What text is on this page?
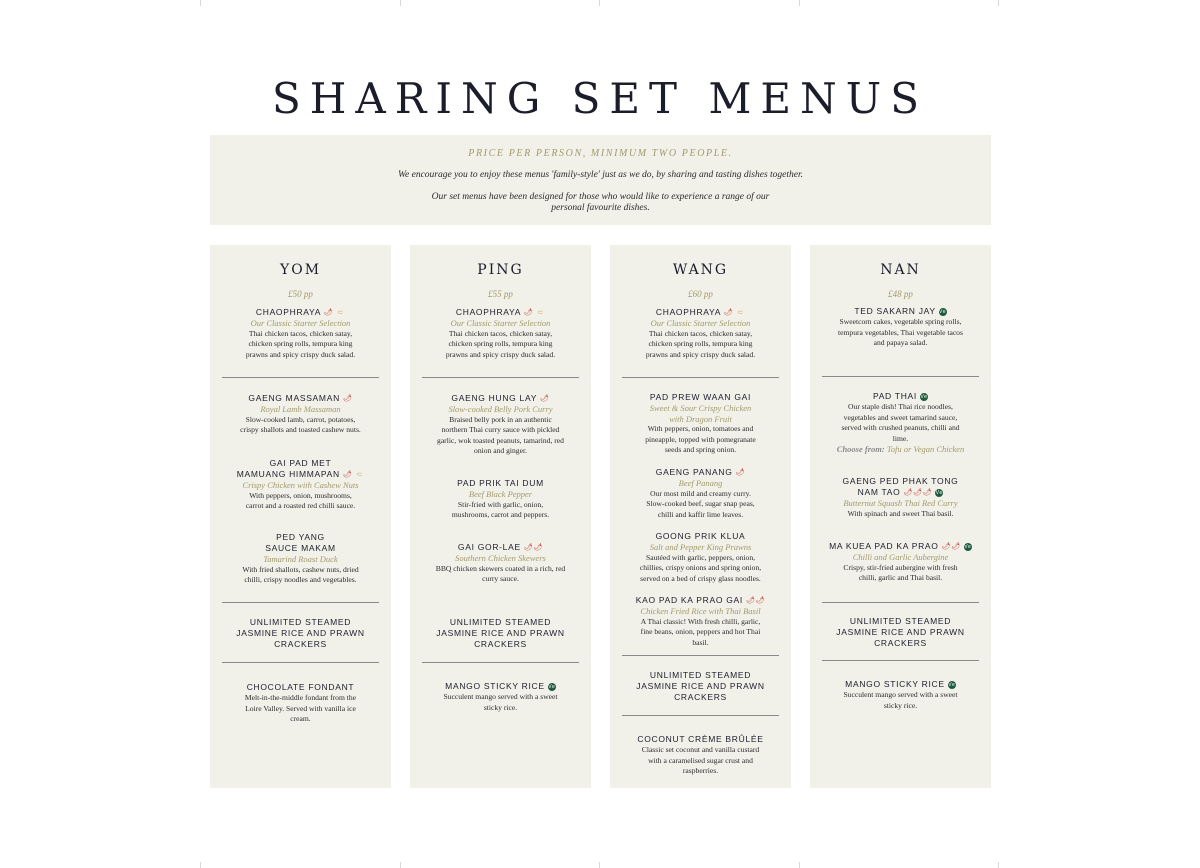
SHARING SET MENUS
PRICE PER PERSON, MINIMUM TWO PEOPLE.
We encourage you to enjoy these menus 'family-style' just as we do, by sharing and tasting dishes together.
Our set menus have been designed for those who would like to experience a range of our personal favourite dishes.
YOM
£50 pp
CHAOPHRAYA 🌶 ⸦
Our Classic Starter Selection
Thai chicken tacos, chicken satay, chicken spring rolls, tempura king prawns and spicy crispy duck salad.
GAENG MASSAMAN 🌶
Royal Lamb Massaman
Slow-cooked lamb, carrot, potatoes, crispy shallots and toasted cashew nuts.
GAI PAD MET
MAMUANG HIMMAPAN 🌶 ⸦
Crispy Chicken with Cashew Nuts
With peppers, onion, mushrooms, carrot and a roasted red chilli sauce.
PED YANG
SAUCE MAKAM
Tamarind Roast Duck
With fried shallots, cashew nuts, dried chilli, crispy noodles and vegetables.
UNLIMITED STEAMED JASMINE RICE AND PRAWN CRACKERS
CHOCOLATE FONDANT
Melt-in-the-middle fondant from the Loire Valley. Served with vanilla ice cream.
PING
£55 pp
CHAOPHRAYA 🌶 ⸦
Our Classic Starter Selection
Thai chicken tacos, chicken satay, chicken spring rolls, tempura king prawns and spicy crispy duck salad.
GAENG HUNG LAY 🌶
Slow-cooked Belly Pork Curry
Braised belly pork in an authentic northern Thai curry sauce with pickled garlic, wok toasted peanuts, tamarind, red onion and ginger.
PAD PRIK TAI DUM
Beef Black Pepper
Stir-fried with garlic, onion, mushrooms, carrot and peppers.
GAI GOR-LAE 🌶🌶
Southern Chicken Skewers
BBQ chicken skewers coated in a rich, red curry sauce.
UNLIMITED STEAMED JASMINE RICE AND PRAWN CRACKERS
MANGO STICKY RICE Ve
Succulent mango served with a sweet sticky rice.
WANG
£60 pp
CHAOPHRAYA 🌶 ⸦
Our Classic Starter Selection
Thai chicken tacos, chicken satay, chicken spring rolls, tempura king prawns and spicy crispy duck salad.
PAD PREW WAAN GAI
Sweet & Sour Crispy Chicken with Dragon Fruit
With peppers, onion, tomatoes and pineapple, topped with pomegranate seeds and spring onion.
GAENG PANANG 🌶
Beef Panang
Our most mild and creamy curry. Slow-cooked beef, sugar snap peas, chilli and kaffir lime leaves.
GOONG PRIK KLUA
Salt and Pepper King Prawns
Sautéed with garlic, peppers, onion, chillies, crispy onions and spring onion, served on a bed of crispy glass noodles.
KAO PAD KA PRAO GAI 🌶🌶
Chicken Fried Rice with Thai Basil
A Thai classic! With fresh chilli, garlic, fine beans, onion, peppers and hot Thai basil.
UNLIMITED STEAMED JASMINE RICE AND PRAWN CRACKERS
COCONUT CRÈME BRÛLÉE
Classic set coconut and vanilla custard with a caramelised sugar crust and raspberries.
NAN
£48 pp
TED SAKARN JAY Ve
Sweetcorn cakes, vegetable spring rolls, tempura vegetables, Thai vegetable tacos and papaya salad.
PAD THAI Ve
Our staple dish! Thai rice noodles, vegetables and sweet tamarind sauce, served with crushed peanuts, chilli and lime.
Choose from: Tofu or Vegan Chicken
GAENG PED PHAK TONG
NAM TAO 🌶🌶🌶 Ve
Butternut Squash Thai Red Curry
With spinach and sweet Thai basil.
MA KUEA PAD KA PRAO 🌶🌶 Ve
Chilli and Garlic Aubergine
Crispy, stir-fried aubergine with fresh chilli, garlic and Thai basil.
UNLIMITED STEAMED JASMINE RICE AND PRAWN CRACKERS
MANGO STICKY RICE Ve
Succulent mango served with a sweet sticky rice.
